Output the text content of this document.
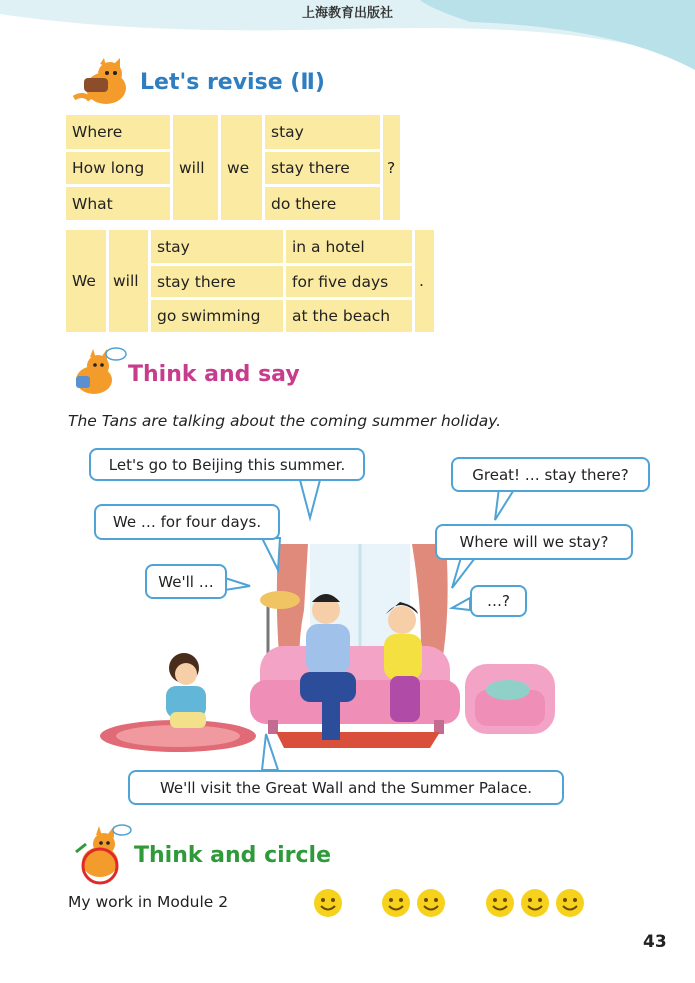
上海教育出版社
Let's revise (Ⅱ)
Where
How long
What
will	we
stay
stay there
do there
?
We	will
stay
stay there
go swimming
in a hotel
for five days
at the beach
.
Think and say
The Tans are talking about the coming summer holiday.
Let's go to Beijing this summer.
Great! … stay there?
We … for four days.
Where will we stay?
We'll …
…?
We'll visit the Great Wall and the Summer Palace.
Think and circle
My work in Module 2
43
